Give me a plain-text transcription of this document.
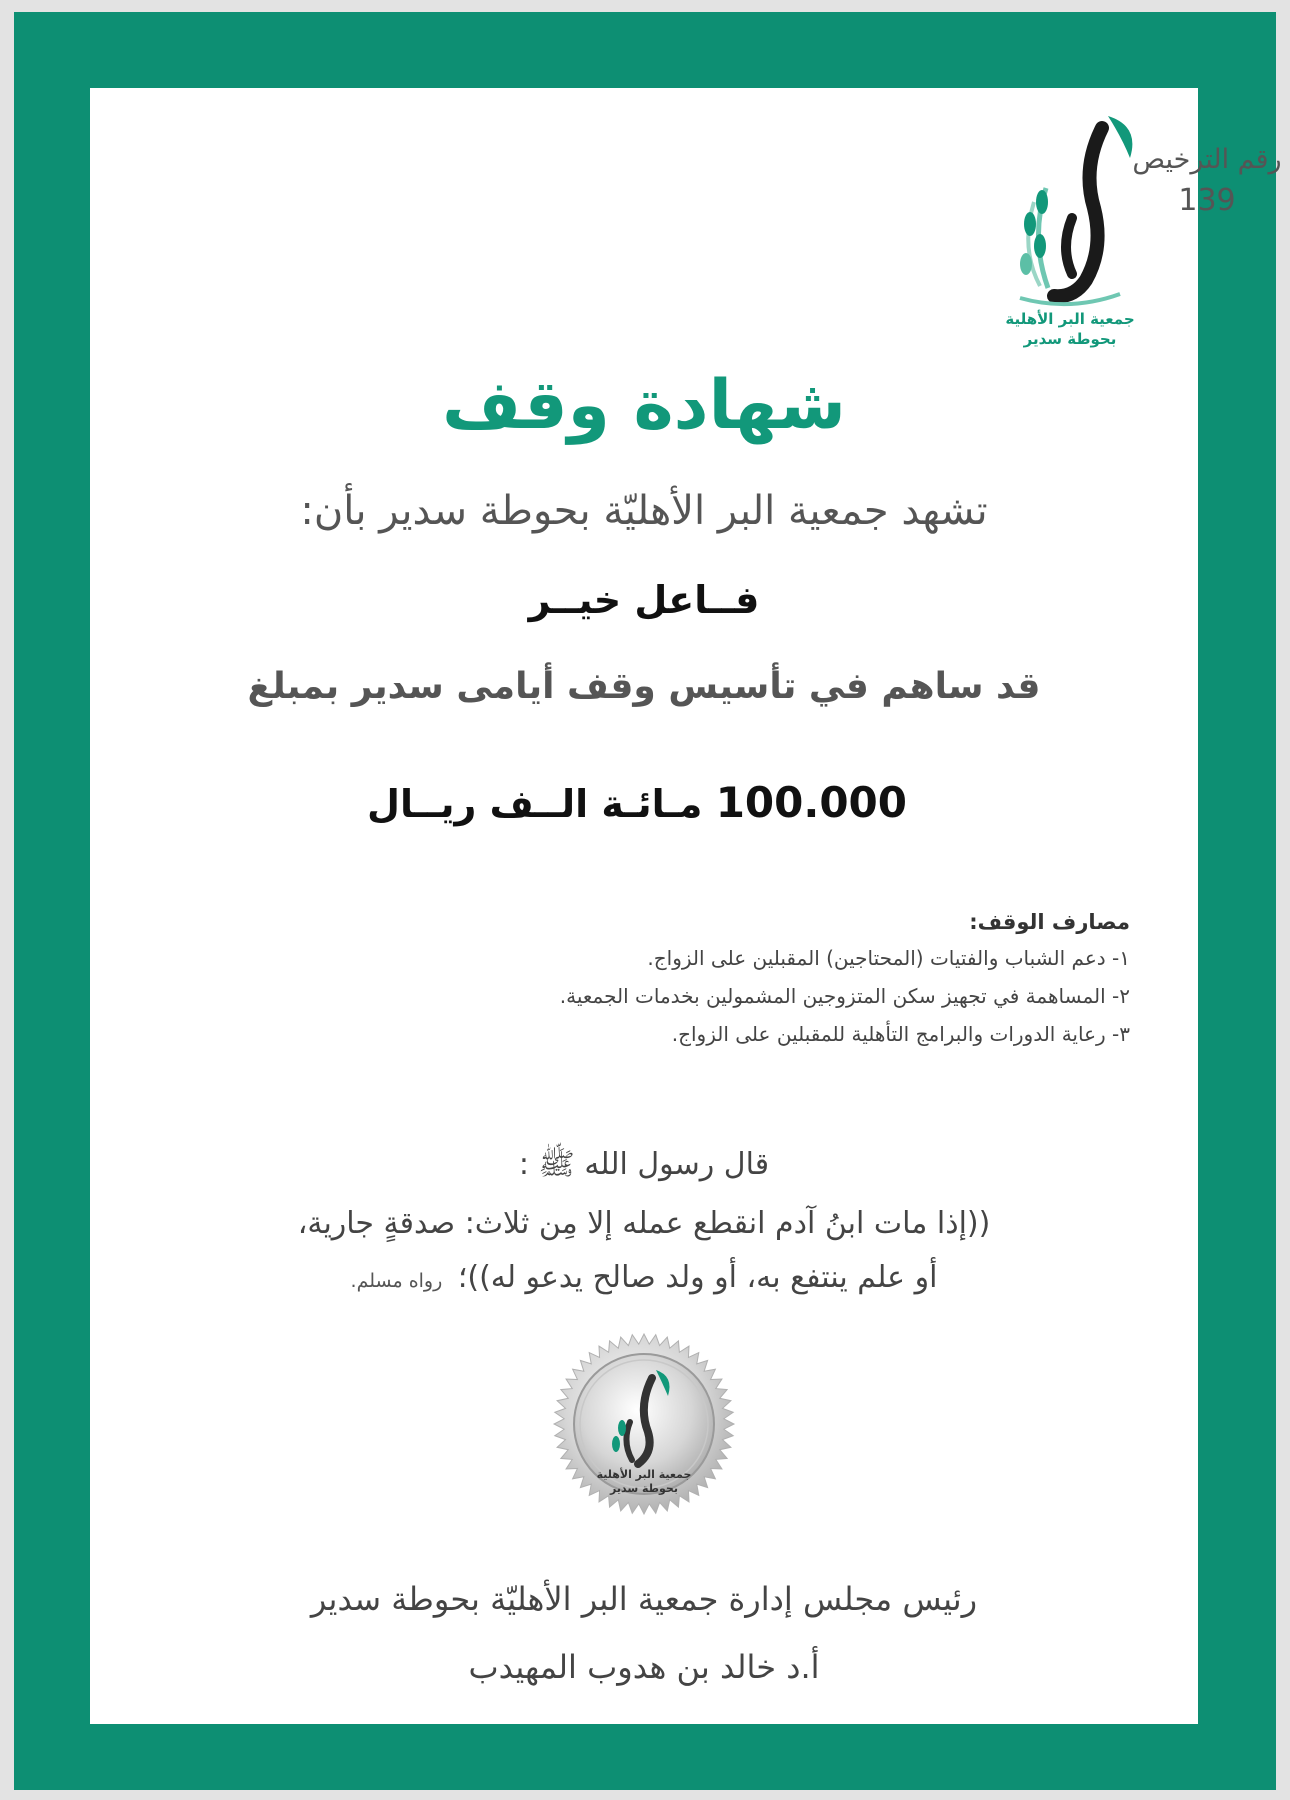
رقم الترخيص
139
جمعية البر الأهلية
بحوطة سدير
شهادة وقف
تشهد جمعية البر الأهليّة بحوطة سدير بأن:
فــاعل خيــر
قد ساهم في تأسيس وقف أيامى سدير بمبلغ
100.000 مـائـة الــف ريــال
مصارف الوقف:
١- دعم الشباب والفتيات (المحتاجين) المقبلين على الزواج.
٢- المساهمة في تجهيز سكن المتزوجين المشمولين بخدمات الجمعية.
٣- رعاية الدورات والبرامج التأهلية للمقبلين على الزواج.
قال رسول الله ﷺ :
((إذا مات ابنُ آدم انقطع عمله إلا مِن ثلاث: صدقةٍ جارية،
أو علم ينتفع به، أو ولد صالح يدعو له))؛ رواه مسلم.
جمعية البر الأهلية
بحوطة سدير
رئيس مجلس إدارة جمعية البر الأهليّة بحوطة سدير
أ.د خالد بن هدوب المهيدب
